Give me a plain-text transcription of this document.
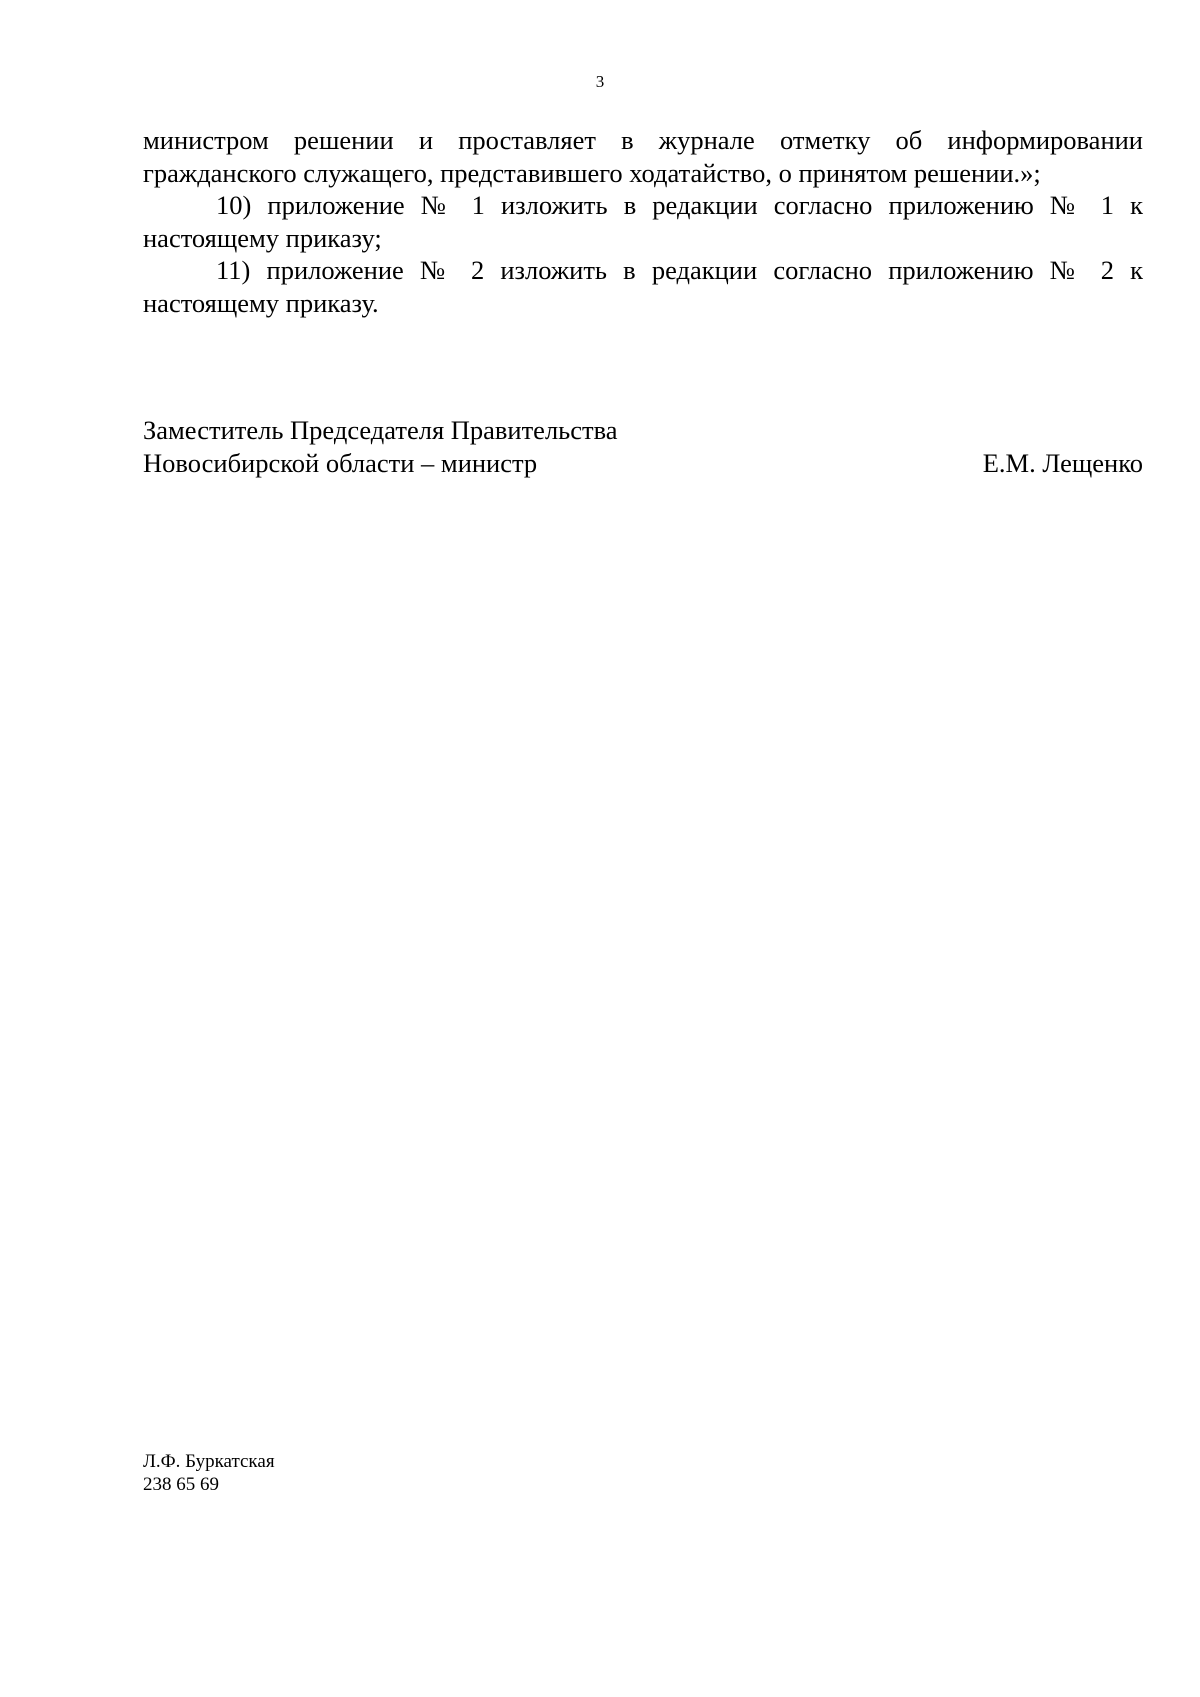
3

министром решении и проставляет в журнале отметку об информировании гражданского служащего, представившего ходатайство, о принятом решении.»;

10) приложение № 1 изложить в редакции согласно приложению № 1 к настоящему приказу;

11) приложение № 2 изложить в редакции согласно приложению № 2 к настоящему приказу.

Заместитель Председателя Правительства
Новосибирской области – министр	Е.М. Лещенко
Л.Ф. Буркатская
238 65 69
